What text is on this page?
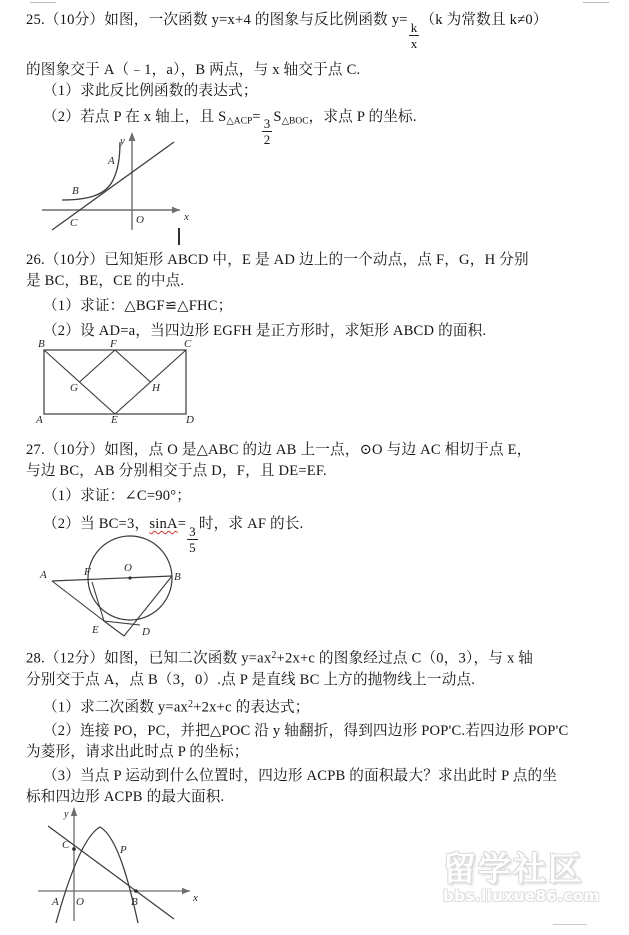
25.（10分）如图，一次函数 y=x+4 的图象与反比例函数 y=
$\frac{k}{x}$
（k 为常数且 k≠0）
的图象交于 A（﹣1，a），B 两点，与 x 轴交于点 C.
（1）求此反比例函数的表达式；
（2）若点 P 在 x 轴上，且 $S_{\triangle ACP}=$
$\frac{3}{2}$
$S_{\triangle BOC}$，求点 P 的坐标.
A
B
C	O	x
y
26.（10分）已知矩形 ABCD 中，E 是 AD 边上的一个动点，点 F，G，H 分别
是 BC，BE，CE 的中点.
（1）求证：△BGF≌△FHC；
（2）设 AD=a，当四边形 EGFH 是正方形时，求矩形 ABCD 的面积.
B	F	C
G	H
A	E	D
27.（10分）如图，点 O 是△ABC 的边 AB 上一点，⊙O 与边 AC 相切于点 E，
与边 BC，AB 分别相交于点 D，F，且 DE=EF.
（1）求证：∠C=90°；
（2）当 BC=3，sinA=
$\frac{3}{5}$
时，求 AF 的长.
A	F	O
B
E	D
28.（12分）如图，已知二次函数 $y=ax^2+2x+c$ 的图象经过点 C（0，3），与 x 轴
分别交于点 A，点 B（3，0）.点 P 是直线 BC 上方的抛物线上一动点.
（1）求二次函数 $y=ax^2+2x+c$ 的表达式；
（2）连接 PO，PC，并把△POC 沿 y 轴翻折，得到四边形 POP'C.若四边形 POP'C
为菱形，请求出此时点 P 的坐标；
（3）当点 P 运动到什么位置时，四边形 ACPB 的面积最大？求出此时 P 点的坐
标和四边形 ACPB 的最大面积.
C	P
A O	B	x
y
留学社区
bbs.liuxue86.com
